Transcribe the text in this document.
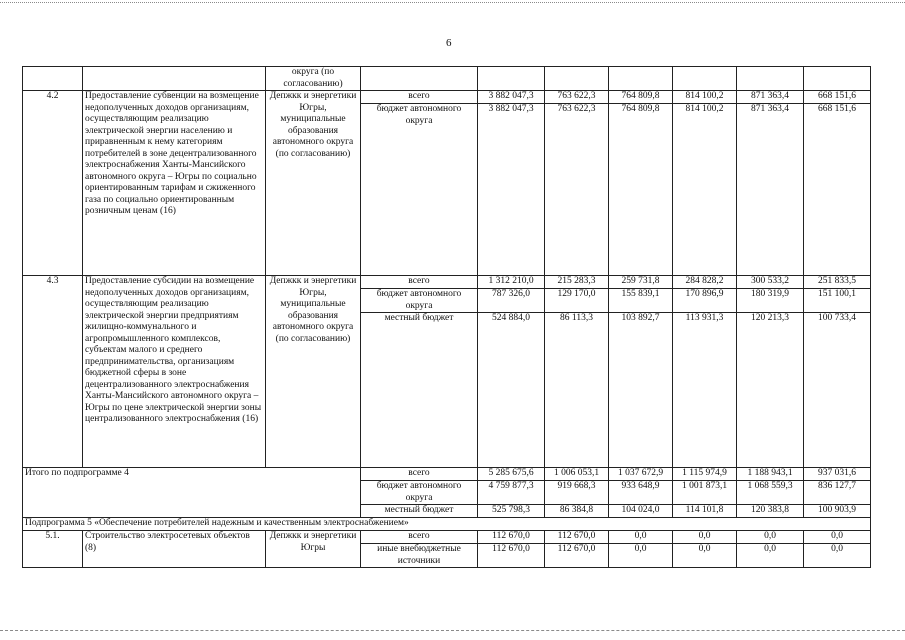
6
		округа (по согласованию)							
4.2	Предоставление субвенции на возмещение недополученных доходов организациям, осуществляющим реализацию электрической энергии населению и приравненным к нему категориям потребителей в зоне децентрализованного электроснабжения Ханты-Мансийского автономного округа – Югры по социально ориентированным тарифам и сжиженного газа по социально ориентированным розничным ценам (16)	Депжкк и энергетики Югры, муниципальные образования автономного округа (по согласованию)	всего	3 882 047,3	763 622,3	764 809,8	814 100,2	871 363,4	668 151,6
			бюджет автономного округа	3 882 047,3	763 622,3	764 809,8	814 100,2	871 363,4	668 151,6
4.3	Предоставление субсидии на возмещение недополученных доходов организациям, осуществляющим реализацию электрической энергии предприятиям жилищно-коммунального и агропромышленного комплексов, субъектам малого и среднего предпринимательства, организациям бюджетной сферы в зоне децентрализованного электроснабжения Ханты-Мансийского автономного округа – Югры по цене электрической энергии зоны централизованного электроснабжения (16)	Депжкк и энергетики Югры, муниципальные образования автономного округа (по согласованию)	всего	1 312 210,0	215 283,3	259 731,8	284 828,2	300 533,2	251 833,5
			бюджет автономного округа	787 326,0	129 170,0	155 839,1	170 896,9	180 319,9	151 100,1
			местный бюджет	524 884,0	86 113,3	103 892,7	113 931,3	120 213,3	100 733,4
Итого по подпрограмме 4			всего	5 285 675,6	1 006 053,1	1 037 672,9	1 115 974,9	1 188 943,1	937 031,6
			бюджет автономного округа	4 759 877,3	919 668,3	933 648,9	1 001 873,1	1 068 559,3	836 127,7
			местный бюджет	525 798,3	86 384,8	104 024,0	114 101,8	120 383,8	100 903,9
Подпрограмма 5 «Обеспечение потребителей надежным и качественным электроснабжением»									
5.1.	Строительство электросетевых объектов (8)	Депжкк и энергетики Югры	всего	112 670,0	112 670,0	0,0	0,0	0,0	0,0
			иные внебюджетные источники	112 670,0	112 670,0	0,0	0,0	0,0	0,0
